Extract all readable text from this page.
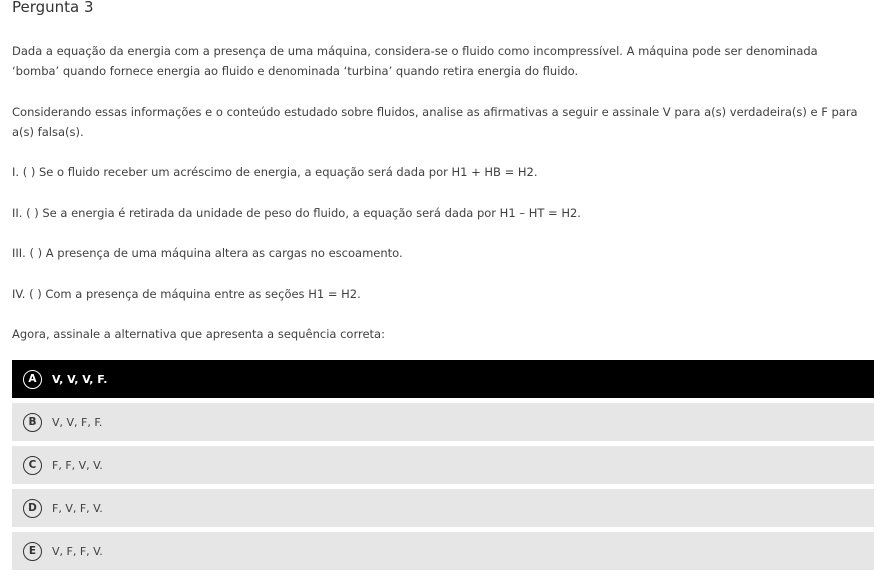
Pergunta 3
Dada a equação da energia com a presença de uma máquina, considera-se o fluido como incompressível. A máquina pode ser denominada
‘bomba’ quando fornece energia ao fluido e denominada ‘turbina’ quando retira energia do fluido.
Considerando essas informações e o conteúdo estudado sobre fluidos, analise as afirmativas a seguir e assinale V para a(s) verdadeira(s) e F para
a(s) falsa(s).
I. ( ) Se o fluido receber um acréscimo de energia, a equação será dada por H1 + HB = H2.
II. ( ) Se a energia é retirada da unidade de peso do fluido, a equação será dada por H1 – HT = H2.
III. ( ) A presença de uma máquina altera as cargas no escoamento.
IV. ( ) Com a presença de máquina entre as seções H1 = H2.
Agora, assinale a alternativa que apresenta a sequência correta:
A	V, V, V, F.
B	V, V, F, F.
C	F, F, V, V.
D	F, V, F, V.
E	V, F, F, V.
